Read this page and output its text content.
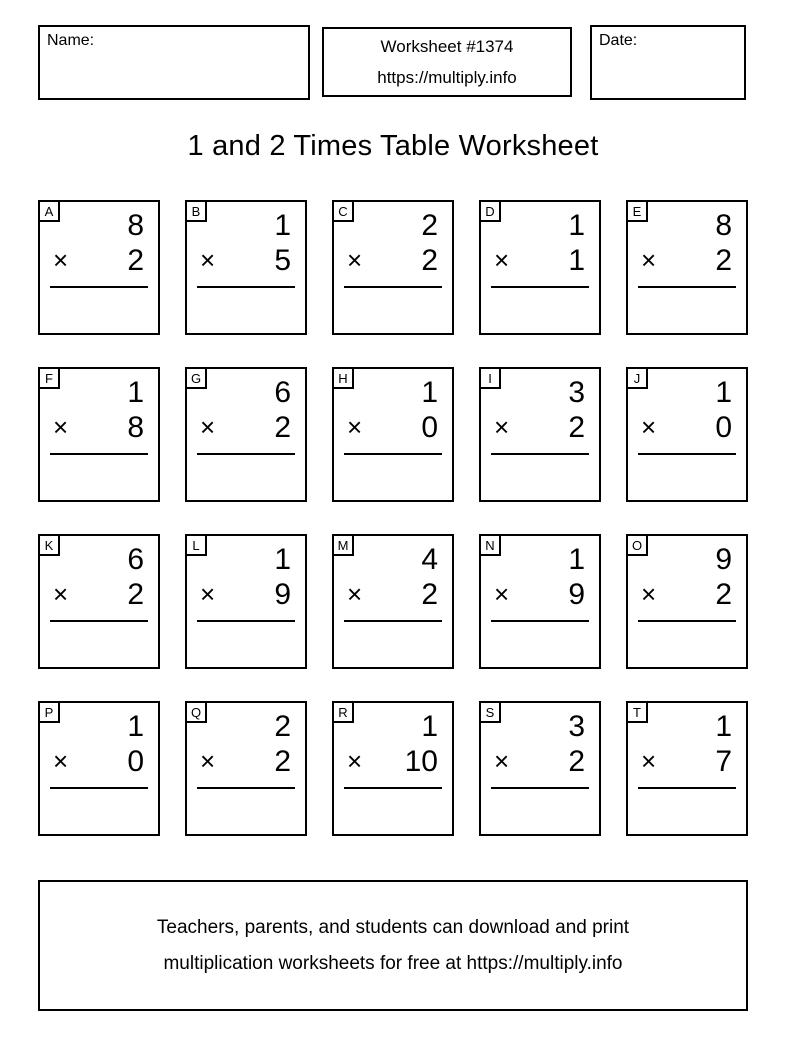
Name:	Worksheet #1374
https://multiply.info
Date:
1 and 2 Times Table Worksheet
A	8
× 2
B	1
× 5
C	2
× 2
D	1
× 1
E	8
× 2
F	1
× 8
G	6
× 2
H	1
× 0
I	3
× 2
J	1
× 0
K	6
× 2
L	1
× 9
M	4
× 2
N	1
× 9
O	9
× 2
P	1
× 0
Q	2
× 2
R	1
× 10
S	3
× 2
T	1
× 7
Teachers, parents, and students can download and print
multiplication worksheets for free at https://multiply.info
